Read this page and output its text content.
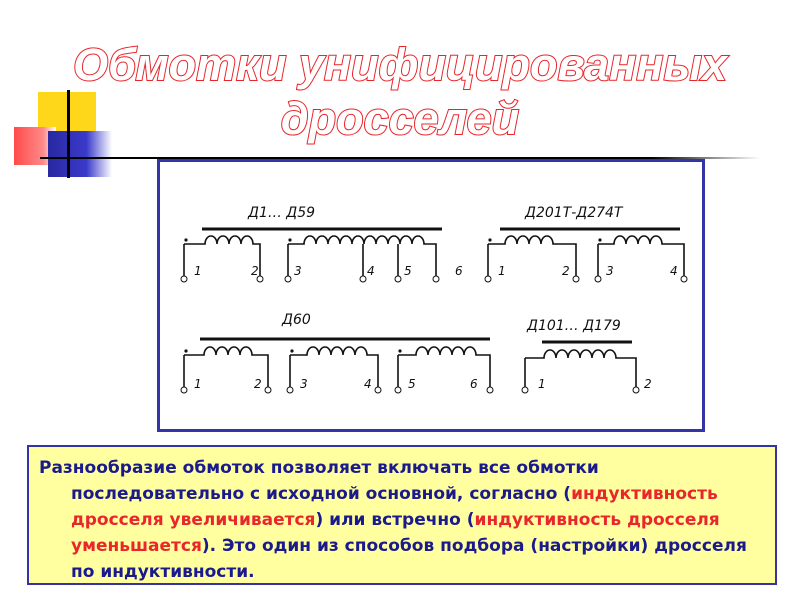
Обмотки унифицированных
дросселей
Д1… Д59
1	2	3	4 5	6
Д201Т-Д274Т
1	2	3	4
Д60
1	2	3	4	5	6
Д101… Д179
1	2

Разнообразие обмоток позволяет включать все обмотки последовательно с исходной основной, согласно (индуктивность дросселя увеличивается) или встречно (индуктивность дросселя уменьшается). Это один из способов подбора (настройки) дросселя по индуктивности.
